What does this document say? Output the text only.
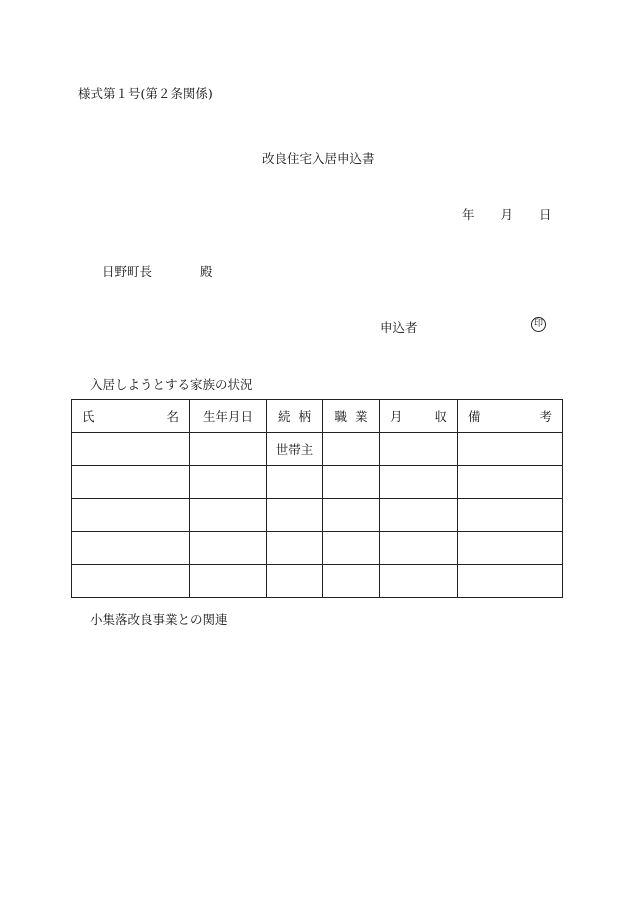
様式第１号(第２条関係)
改良住宅入居申込書
年 月 日
日野町長	殿
申込者	印
入居しようとする家族の状況
氏 名	生年月日	続 柄	職 業	月 収	備 考

		世帯主			

小集落改良事業との関連
